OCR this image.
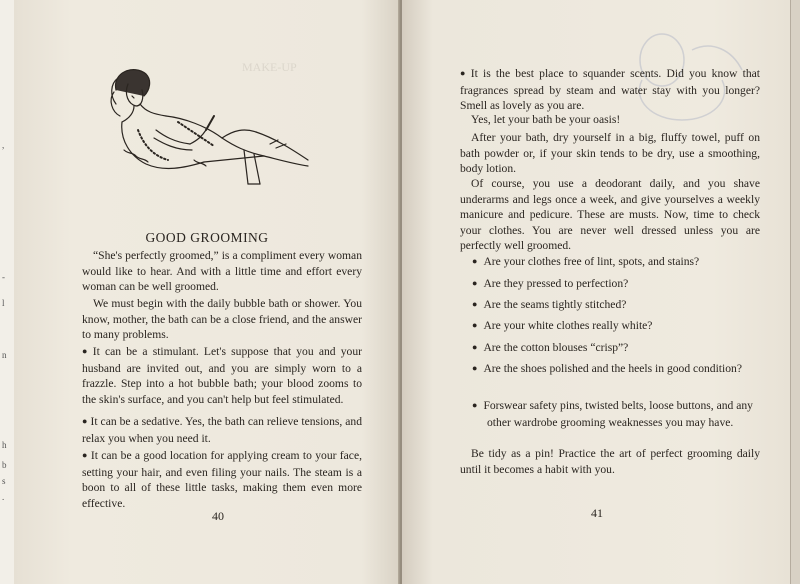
,
-
l
n
h
b
s
.
MAKE-UP
GOOD GROOMING

“She's perfectly groomed,” is a compliment every woman would like to hear. And with a little time and effort every woman can be well groomed.

We must begin with the daily bubble bath or shower. You know, mother, the bath can be a close friend, and the answer to many problems.

● It can be a stimulant. Let's suppose that you and your husband are invited out, and you are simply worn to a frazzle. Step into a hot bubble bath; your blood zooms to the skin's surface, and you can't help but feel stimulated.

● It can be a sedative. Yes, the bath can relieve tensions, and relax you when you need it.

● It can be a good location for applying cream to your face, setting your hair, and even filing your nails. The steam is a boon to all of these little tasks, making them even more effective.

40

● It is the best place to squander scents. Did you know that fragrances spread by steam and water stay with you longer? Smell as lovely as you are.

Yes, let your bath be your oasis!

After your bath, dry yourself in a big, fluffy towel, puff on bath powder or, if your skin tends to be dry, use a smoothing, body lotion.

Of course, you use a deodorant daily, and you shave underarms and legs once a week, and give yourselves a weekly manicure and pedicure. These are musts. Now, time to check your clothes. You are never well dressed unless you are perfectly well groomed.

● Are your clothes free of lint, spots, and stains?
● Are they pressed to perfection?
● Are the seams tightly stitched?
● Are your white clothes really white?
● Are the cotton blouses “crisp”?
● Are the shoes polished and the heels in good condition?
● Forswear safety pins, twisted belts, loose buttons, and any other wardrobe grooming weaknesses you may have.

Be tidy as a pin! Practice the art of perfect grooming daily until it becomes a habit with you.

41
